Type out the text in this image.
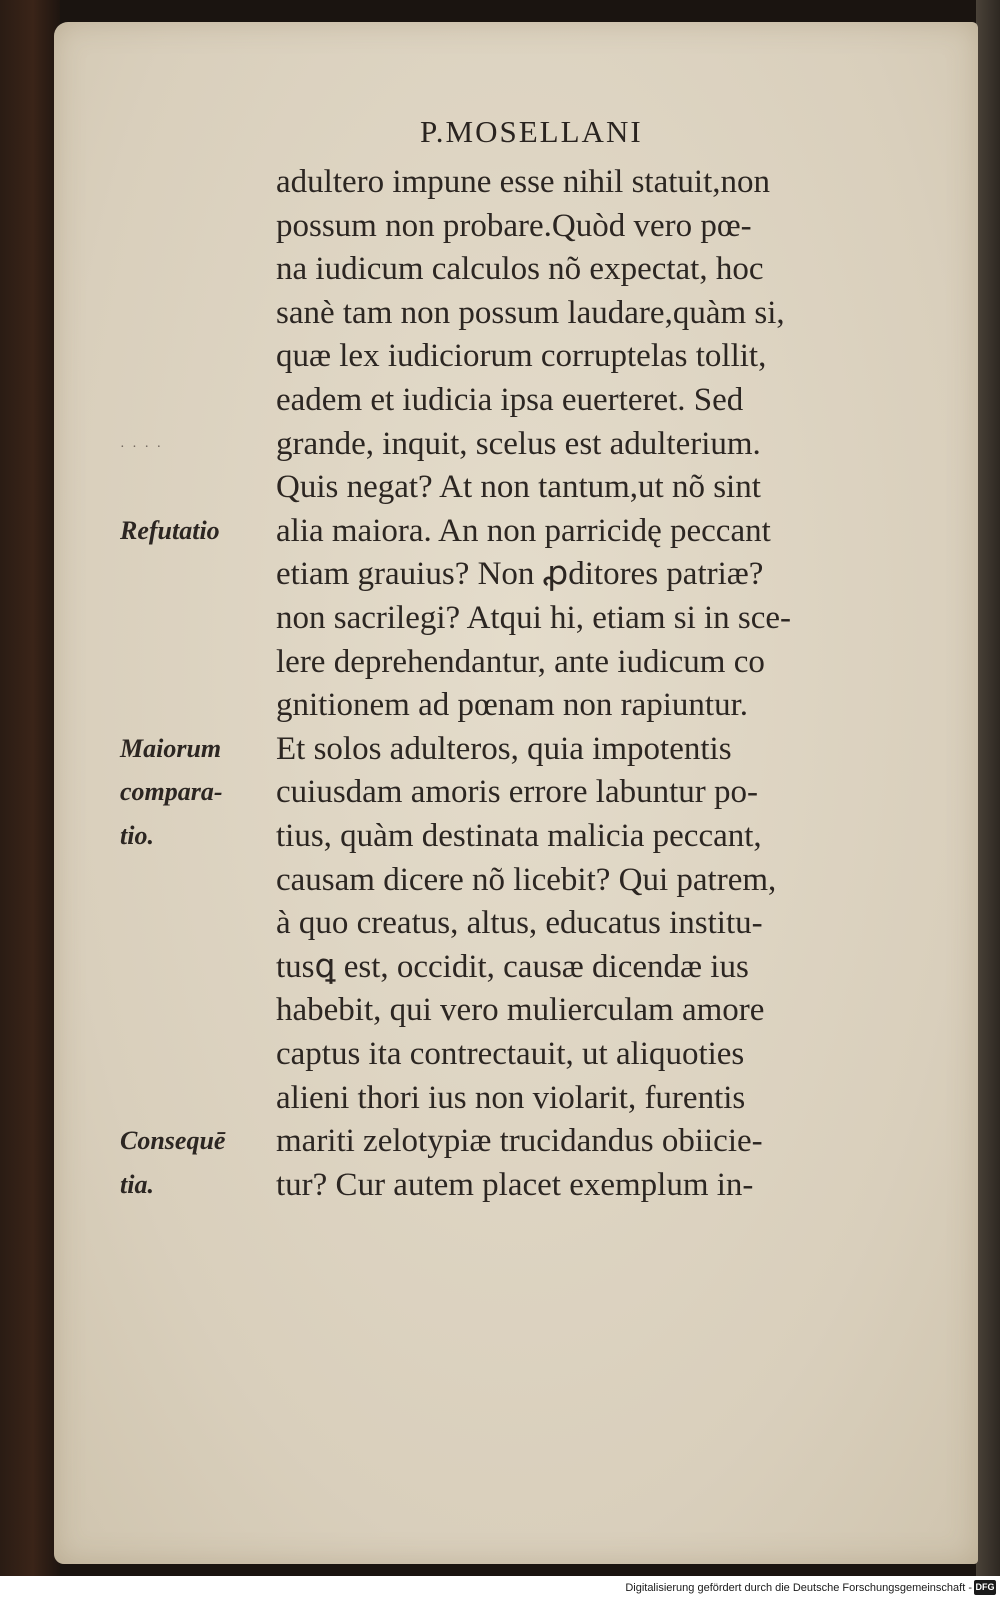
P.MOSELLANI
adultero impune esse nihil statuit,non
possum non probare.Quòd vero pœ-
na iudicum calculos nõ expectat, hoc
sanè tam non possum laudare,quàm si,
quæ lex iudiciorum corruptelas tollit,
eadem et iudicia ipsa euerteret. Sed
grande, inquit, scelus est adulterium.
Quis negat? At non tantum,ut nõ sint
alia maiora. An non parricidę peccant
etiam grauius? Non ꝓditores patriæ?
non sacrilegi? Atqui hi, etiam si in sce-
lere deprehendantur, ante iudicum co
gnitionem ad pœnam non rapiuntur.
Et solos adulteros, quia impotentis
cuiusdam amoris errore labuntur po-
tius, quàm destinata malicia peccant,
causam dicere nõ licebit? Qui patrem,
à quo creatus, altus, educatus institu-
tusꝗ est, occidit, causæ dicendæ ius
habebit, qui vero mulierculam amore
captus ita contrectauit, ut aliquoties
alieni thori ius non violarit, furentis
mariti zelotypiæ trucidandus obiicie-
tur? Cur autem placet exemplum in-
Refutatio
Maiorum
compara-
tio.
Consequē
tia.
· · · ·
Digitalisierung gefördert durch die Deutsche Forschungsgemeinschaft - DFG
